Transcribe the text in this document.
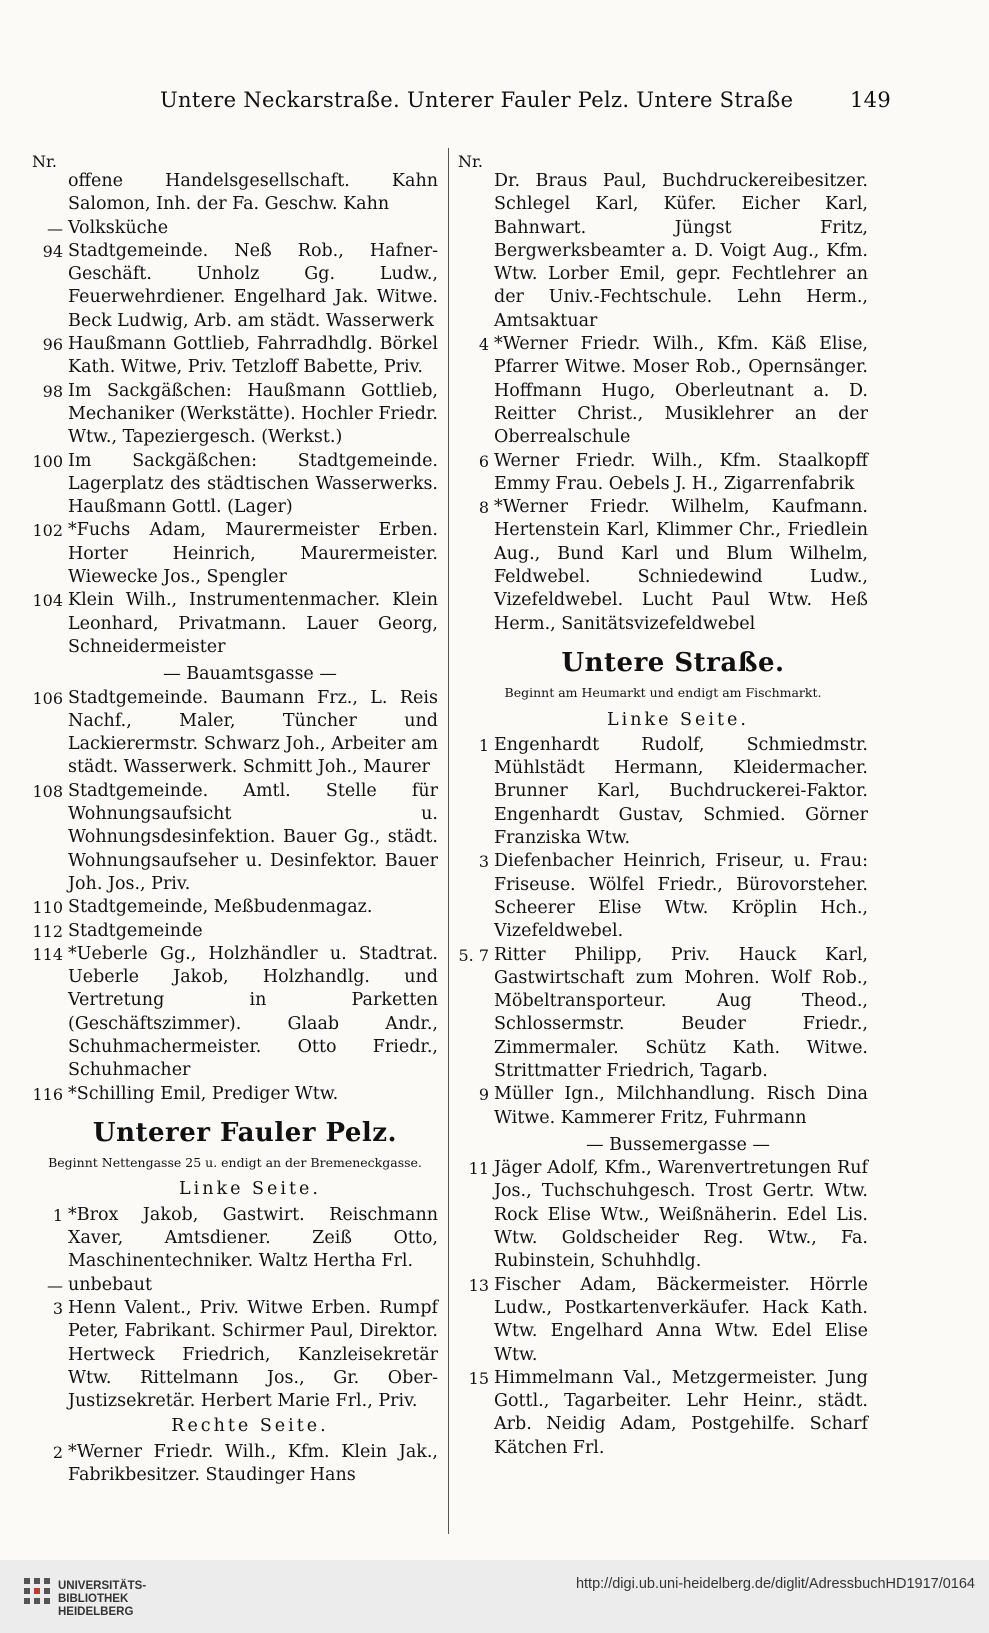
Untere Neckarstraße. Unterer Fauler Pelz. Untere Straße	149
Nr.
offene Handelsgesellschaft. Kahn Salomon, Inh. der Fa. Geschw. Kahn
— Volksküche
94 Stadtgemeinde. Neß Rob., Hafner-Geschäft. Unholz Gg. Ludw., Feuerwehrdiener. Engelhard Jak. Witwe. Beck Ludwig, Arb. am städt. Wasserwerk
96 Haußmann Gottlieb, Fahrradhdlg. Börkel Kath. Witwe, Priv. Tetzloff Babette, Priv.
98 Im Sackgäßchen: Haußmann Gottlieb, Mechaniker (Werkstätte). Hochler Friedr. Wtw., Tapeziergesch. (Werkst.)
100 Im Sackgäßchen: Stadtgemeinde. Lagerplatz des städtischen Wasserwerks. Haußmann Gottl. (Lager)
102 *Fuchs Adam, Maurermeister Erben. Horter Heinrich, Maurermeister. Wiewecke Jos., Spengler
104 Klein Wilh., Instrumentenmacher. Klein Leonhard, Privatmann. Lauer Georg, Schneidermeister
— Bauamtsgasse —
106 Stadtgemeinde. Baumann Frz., L. Reis Nachf., Maler, Tüncher und Lackierermstr. Schwarz Joh., Arbeiter am städt. Wasserwerk. Schmitt Joh., Maurer
108 Stadtgemeinde. Amtl. Stelle für Wohnungsaufsicht u. Wohnungsdesinfektion. Bauer Gg., städt. Wohnungsaufseher u. Desinfektor. Bauer Joh. Jos., Priv.
110 Stadtgemeinde, Meßbudenmagaz.
112 Stadtgemeinde
114 *Ueberle Gg., Holzhändler u. Stadtrat. Ueberle Jakob, Holzhandlg. und Vertretung in Parketten (Geschäftszimmer). Glaab Andr., Schuhmachermeister. Otto Friedr., Schuhmacher
116 *Schilling Emil, Prediger Wtw.
Unterer Fauler Pelz.
Beginnt Nettengasse 25 u. endigt an der Bremeneckgasse.
Linke Seite.
1 *Brox Jakob, Gastwirt. Reischmann Xaver, Amtsdiener. Zeiß Otto, Maschinentechniker. Waltz Hertha Frl.
— unbebaut
3 Henn Valent., Priv. Witwe Erben. Rumpf Peter, Fabrikant. Schirmer Paul, Direktor. Hertweck Friedrich, Kanzleisekretär Wtw. Rittelmann Jos., Gr. Ober-Justizsekretär. Herbert Marie Frl., Priv.
Rechte Seite.
2 *Werner Friedr. Wilh., Kfm. Klein Jak., Fabrikbesitzer. Staudinger Hans
Nr.
Dr. Braus Paul, Buchdruckereibesitzer. Schlegel Karl, Küfer. Eicher Karl, Bahnwart. Jüngst Fritz, Bergwerksbeamter a. D. Voigt Aug., Kfm. Wtw. Lorber Emil, gepr. Fechtlehrer an der Univ.-Fechtschule. Lehn Herm., Amtsaktuar
4 *Werner Friedr. Wilh., Kfm. Käß Elise, Pfarrer Witwe. Moser Rob., Opernsänger. Hoffmann Hugo, Oberleutnant a. D. Reitter Christ., Musiklehrer an der Oberrealschule
6 Werner Friedr. Wilh., Kfm. Staalkopff Emmy Frau. Oebels J. H., Zigarrenfabrik
8 *Werner Friedr. Wilhelm, Kaufmann. Hertenstein Karl, Klimmer Chr., Friedlein Aug., Bund Karl und Blum Wilhelm, Feldwebel. Schniedewind Ludw., Vizefeldwebel. Lucht Paul Wtw. Heß Herm., Sanitätsvizefeldwebel
Untere Straße.
Beginnt am Heumarkt und endigt am Fischmarkt.
Linke Seite.
1 Engenhardt Rudolf, Schmiedmstr. Mühlstädt Hermann, Kleidermacher. Brunner Karl, Buchdruckerei-Faktor. Engenhardt Gustav, Schmied. Görner Franziska Wtw.
3 Diefenbacher Heinrich, Friseur, u. Frau: Friseuse. Wölfel Friedr., Bürovorsteher. Scheerer Elise Wtw. Kröplin Hch., Vizefeldwebel.
5. 7 Ritter Philipp, Priv. Hauck Karl, Gastwirtschaft zum Mohren. Wolf Rob., Möbeltransporteur. Aug Theod., Schlossermstr. Beuder Friedr., Zimmermaler. Schütz Kath. Witwe. Strittmatter Friedrich, Tagarb.
9 Müller Ign., Milchhandlung. Risch Dina Witwe. Kammerer Fritz, Fuhrmann
— Bussemergasse —
11 Jäger Adolf, Kfm., Warenvertretungen Ruf Jos., Tuchschuhgesch. Trost Gertr. Wtw. Rock Elise Wtw., Weißnäherin. Edel Lis. Wtw. Goldscheider Reg. Wtw., Fa. Rubinstein, Schuhhdlg.
13 Fischer Adam, Bäckermeister. Hörrle Ludw., Postkartenverkäufer. Hack Kath. Wtw. Engelhard Anna Wtw. Edel Elise Wtw.
15 Himmelmann Val., Metzgermeister. Jung Gottl., Tagarbeiter. Lehr Heinr., städt. Arb. Neidig Adam, Postgehilfe. Scharf Kätchen Frl.
UNIVERSITÄTS-
BIBLIOTHEK
HEIDELBERG
http://digi.ub.uni-heidelberg.de/diglit/AdressbuchHD1917/0164
